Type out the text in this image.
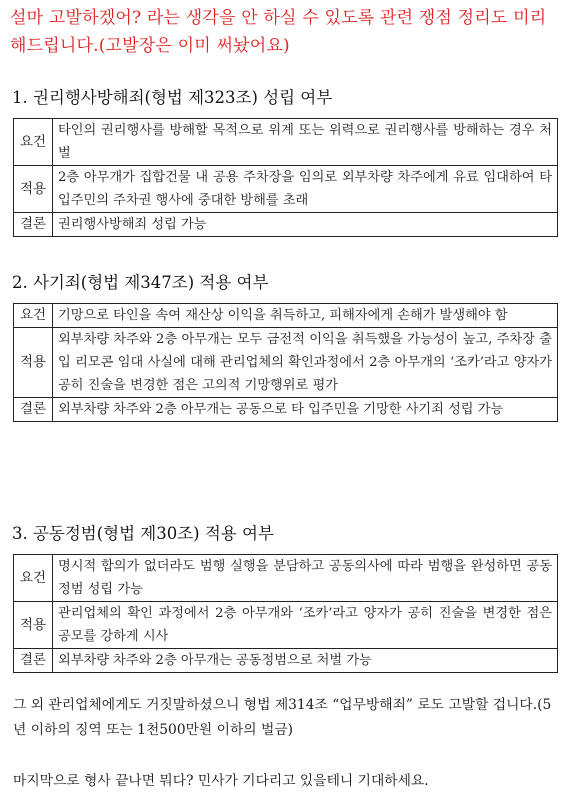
설마 고발하겠어? 라는 생각을 안 하실 수 있도록 관련 쟁점 정리도 미리 해드립니다.(고발장은 이미 써놨어요)
1. 권리행사방해죄(형법 제323조) 성립 여부
요건	타인의 권리행사를 방해할 목적으로 위계 또는 위력으로 권리행사를 방해하는 경우 처벌
적용	2층 아무개가 집합건물 내 공용 주차장을 임의로 외부차량 차주에게 유료 임대하여 타 입주민의 주차권 행사에 중대한 방해를 초래
결론	권리행사방해죄 성립 가능
2. 사기죄(형법 제347조) 적용 여부
요건	기망으로 타인을 속여 재산상 이익을 취득하고, 피해자에게 손해가 발생해야 함
적용	외부차량 차주와 2층 아무개는 모두 금전적 이익을 취득했을 가능성이 높고, 주차장 출입 리모콘 임대 사실에 대해 관리업체의 확인과정에서 2층 아무개의 ‘조카’라고 양자가 공히 진술을 변경한 점은 고의적 기망행위로 평가
결론	외부차량 차주와 2층 아무개는 공동으로 타 입주민을 기망한 사기죄 성립 가능
3. 공동정범(형법 제30조) 적용 여부
요건	명시적 합의가 없더라도 범행 실행을 분담하고 공동의사에 따라 범행을 완성하면 공동정범 성립 가능
적용	관리업체의 확인 과정에서 2층 아무개와 ‘조카’라고 양자가 공히 진술을 변경한 점은 공모를 강하게 시사
결론	외부차량 차주와 2층 아무개는 공동정범으로 처벌 가능
그 외 관리업체에게도 거짓말하셨으니 형법 제314조 “업무방해죄” 로도 고발할 겁니다.(5년 이하의 징역 또는 1천500만원 이하의 벌금)
마지막으로 형사 끝나면 뭐다? 민사가 기다리고 있을테니 기대하세요.
